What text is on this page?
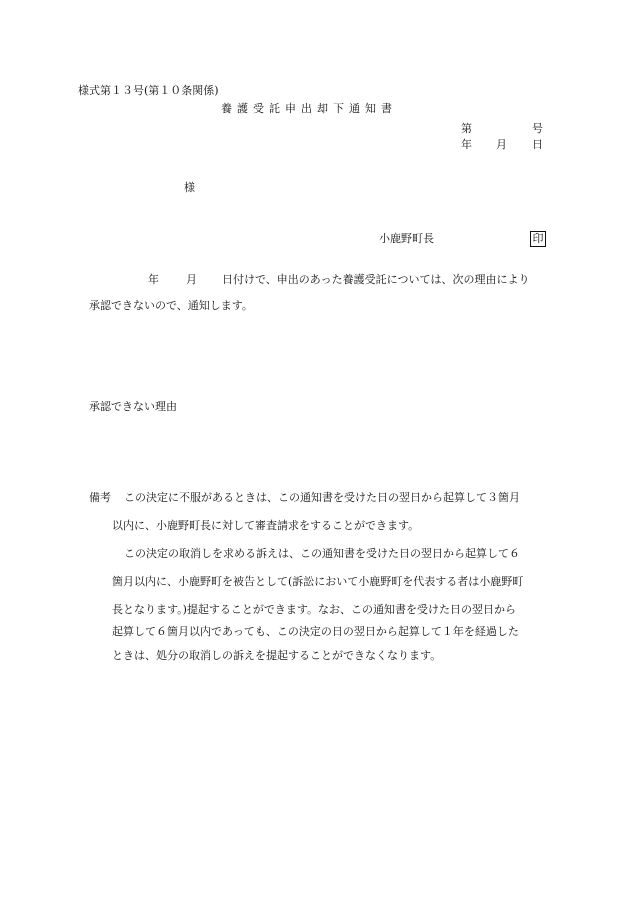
様式第１３号(第１０条関係)
養護受託申出却下通知書
第	号
年 月 日
様
小鹿野町長	印
年 月 日付けで、申出のあった養護受託については、次の理由により
承認できないので、通知します。
承認できない理由
備考 この決定に不服があるときは、この通知書を受けた日の翌日から起算して３箇月
以内に、小鹿野町長に対して審査請求をすることができます。
この決定の取消しを求める訴えは、この通知書を受けた日の翌日から起算して６
箇月以内に、小鹿野町を被告として(訴訟において小鹿野町を代表する者は小鹿野町
長となります。)提起することができます。なお、この通知書を受けた日の翌日から
起算して６箇月以内であっても、この決定の日の翌日から起算して１年を経過した
ときは、処分の取消しの訴えを提起することができなくなります。
